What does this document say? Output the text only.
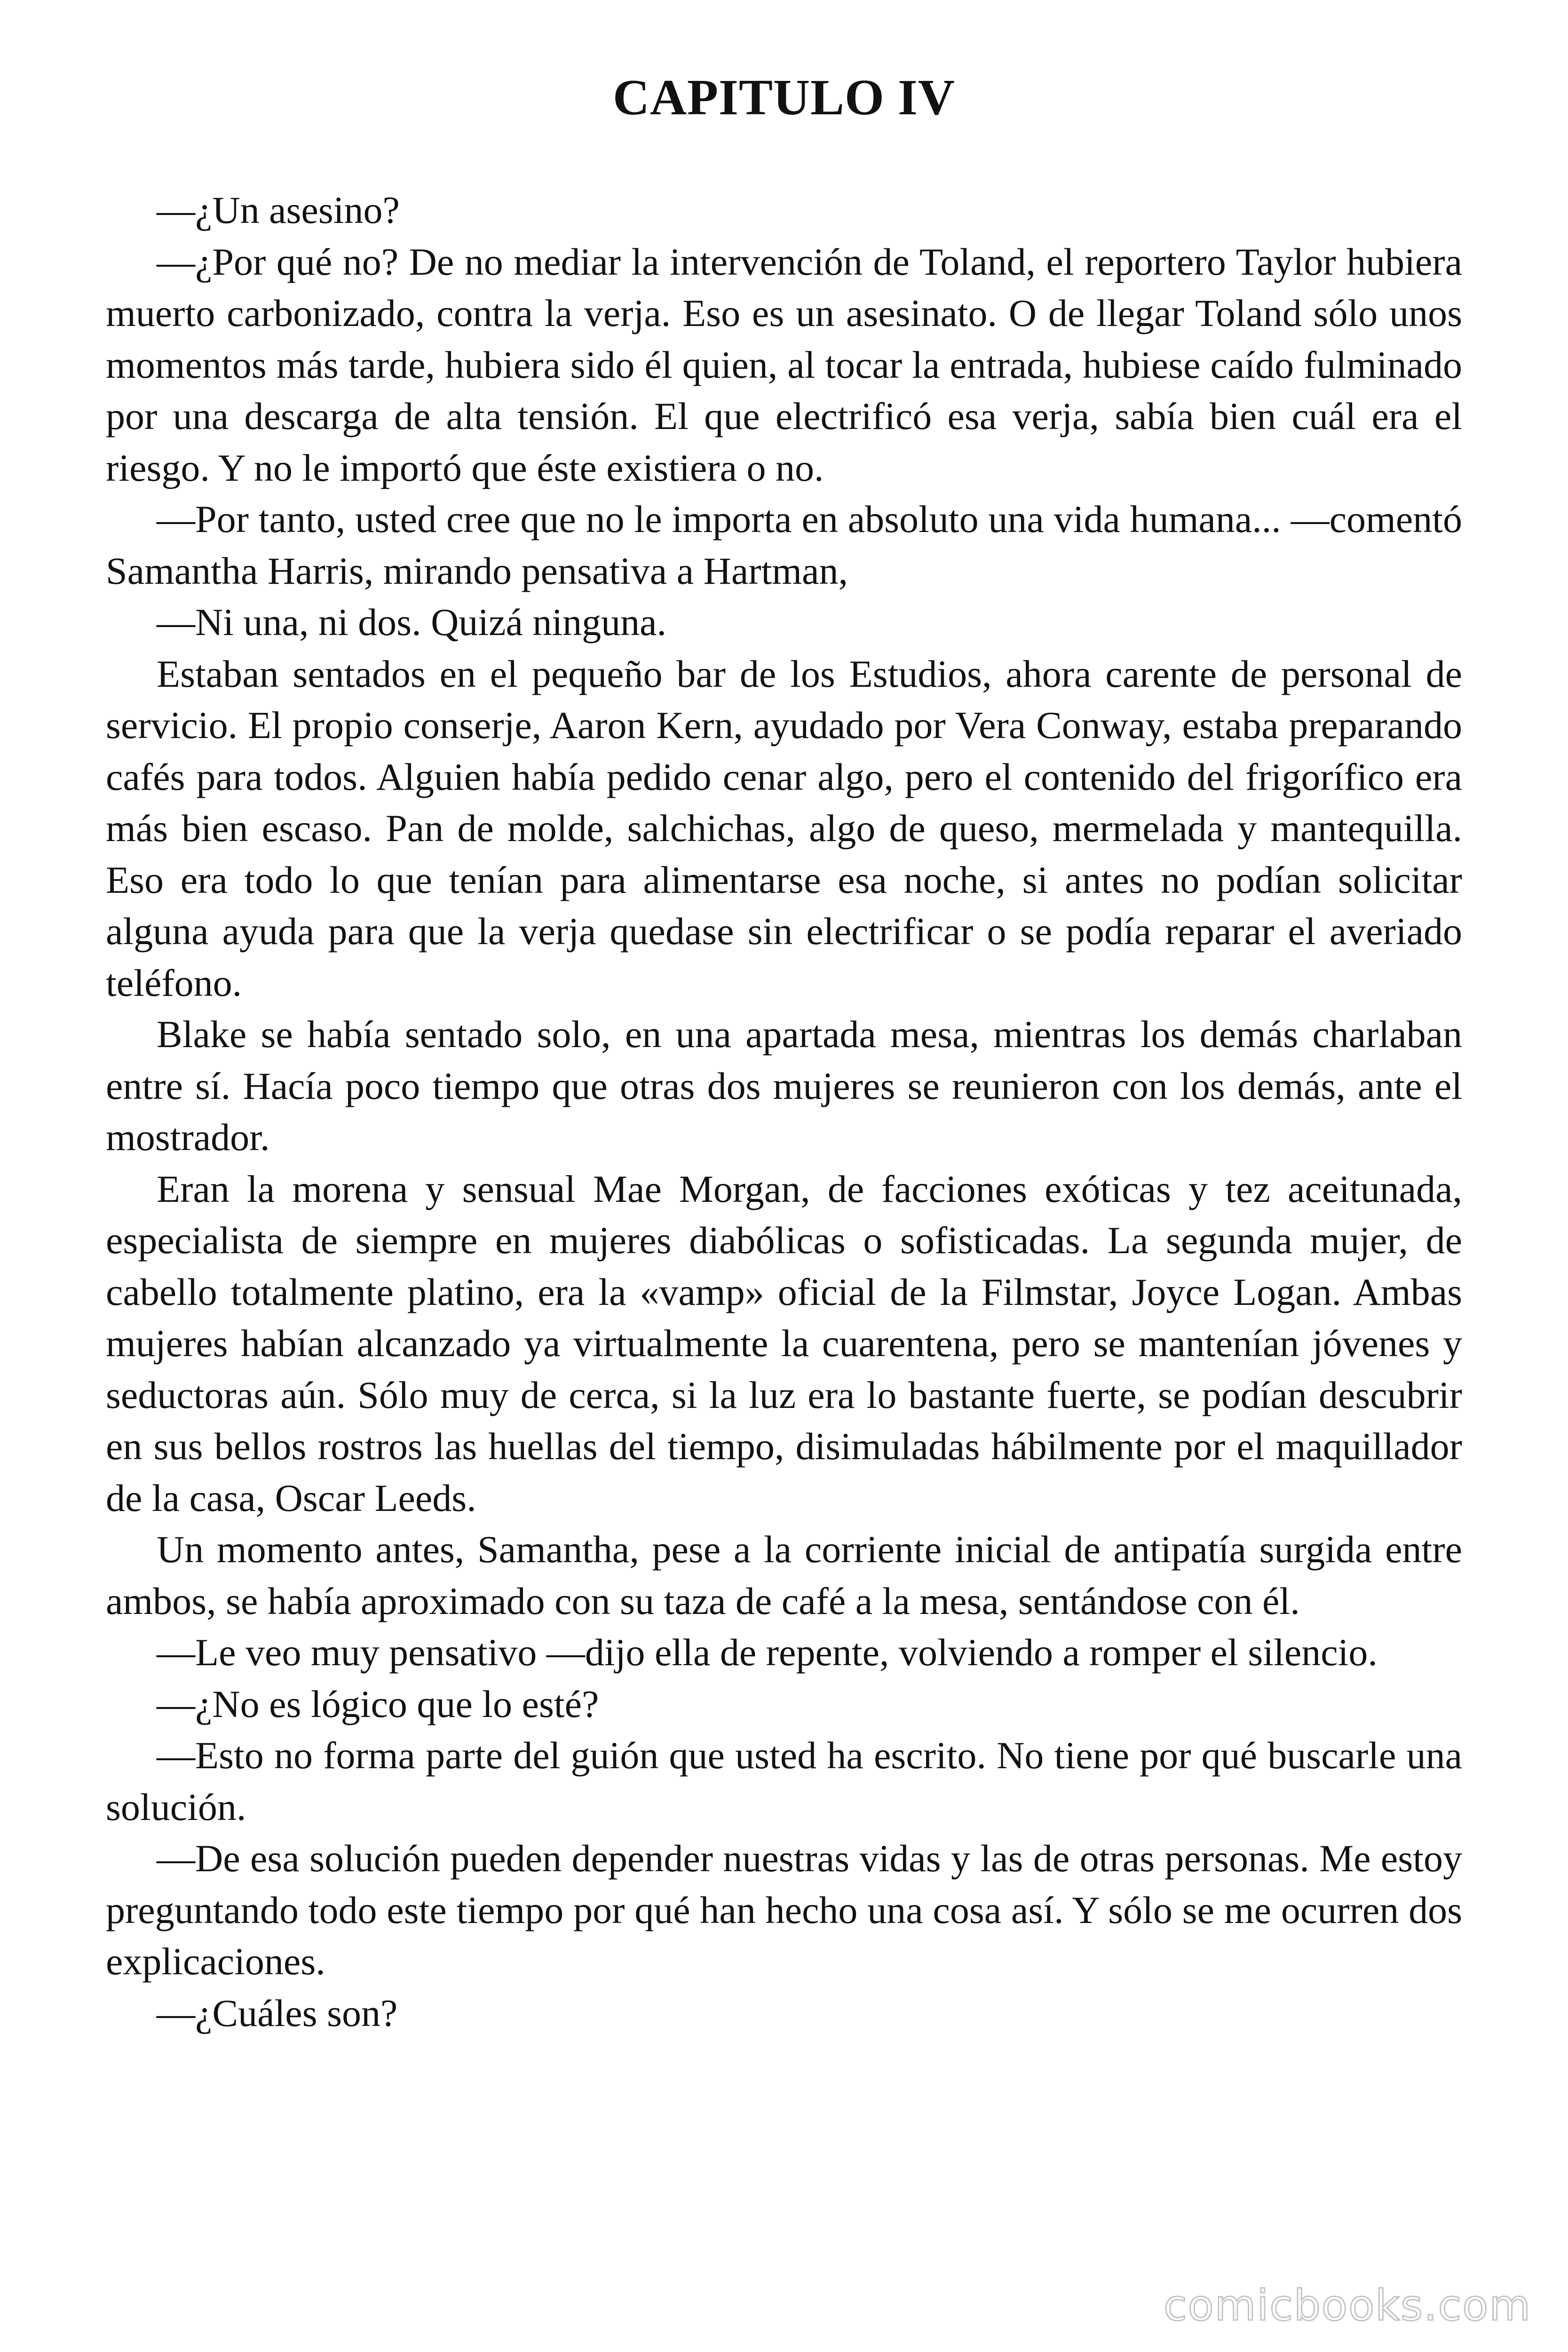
CAPITULO IV

—¿Un asesino?

—¿Por qué no? De no mediar la intervención de Toland, el reportero Taylor hubiera muerto carbonizado, contra la verja. Eso es un asesinato. O de llegar Toland sólo unos momentos más tarde, hubiera sido él quien, al tocar la entrada, hubiese caído fulminado por una descarga de alta tensión. El que electrificó esa verja, sabía bien cuál era el riesgo. Y no le importó que éste existiera o no.

—Por tanto, usted cree que no le importa en absoluto una vida humana... —comentó Samantha Harris, mirando pensativa a Hartman,

—Ni una, ni dos. Quizá ninguna.

Estaban sentados en el pequeño bar de los Estudios, ahora carente de personal de servicio. El propio conserje, Aaron Kern, ayudado por Vera Conway, estaba preparando cafés para todos. Alguien había pedido cenar algo, pero el contenido del frigorífico era más bien escaso. Pan de molde, salchichas, algo de queso, mermelada y mantequilla. Eso era todo lo que tenían para alimentarse esa noche, si antes no podían solicitar alguna ayuda para que la verja quedase sin electrificar o se podía reparar el averiado teléfono.

Blake se había sentado solo, en una apartada mesa, mientras los demás charlaban entre sí. Hacía poco tiempo que otras dos mujeres se reunieron con los demás, ante el mostrador.

Eran la morena y sensual Mae Morgan, de facciones exóticas y tez aceitunada, especialista de siempre en mujeres diabólicas o sofisticadas. La segunda mujer, de cabello totalmente platino, era la «vamp» oficial de la Filmstar, Joyce Logan. Ambas mujeres habían alcanzado ya virtualmente la cuarentena, pero se mantenían jóvenes y seductoras aún. Sólo muy de cerca, si la luz era lo bastante fuerte, se podían descubrir en sus bellos rostros las huellas del tiempo, disimuladas hábilmente por el maquillador de la casa, Oscar Leeds.

Un momento antes, Samantha, pese a la corriente inicial de antipatía surgida entre ambos, se había aproximado con su taza de café a la mesa, sentándose con él.

—Le veo muy pensativo —dijo ella de repente, volviendo a romper el silencio.

—¿No es lógico que lo esté?

—Esto no forma parte del guión que usted ha escrito. No tiene por qué buscarle una solución.

—De esa solución pueden depender nuestras vidas y las de otras personas. Me estoy preguntando todo este tiempo por qué han hecho una cosa así. Y sólo se me ocurren dos explicaciones.

—¿Cuáles son?

comicbooks.com
